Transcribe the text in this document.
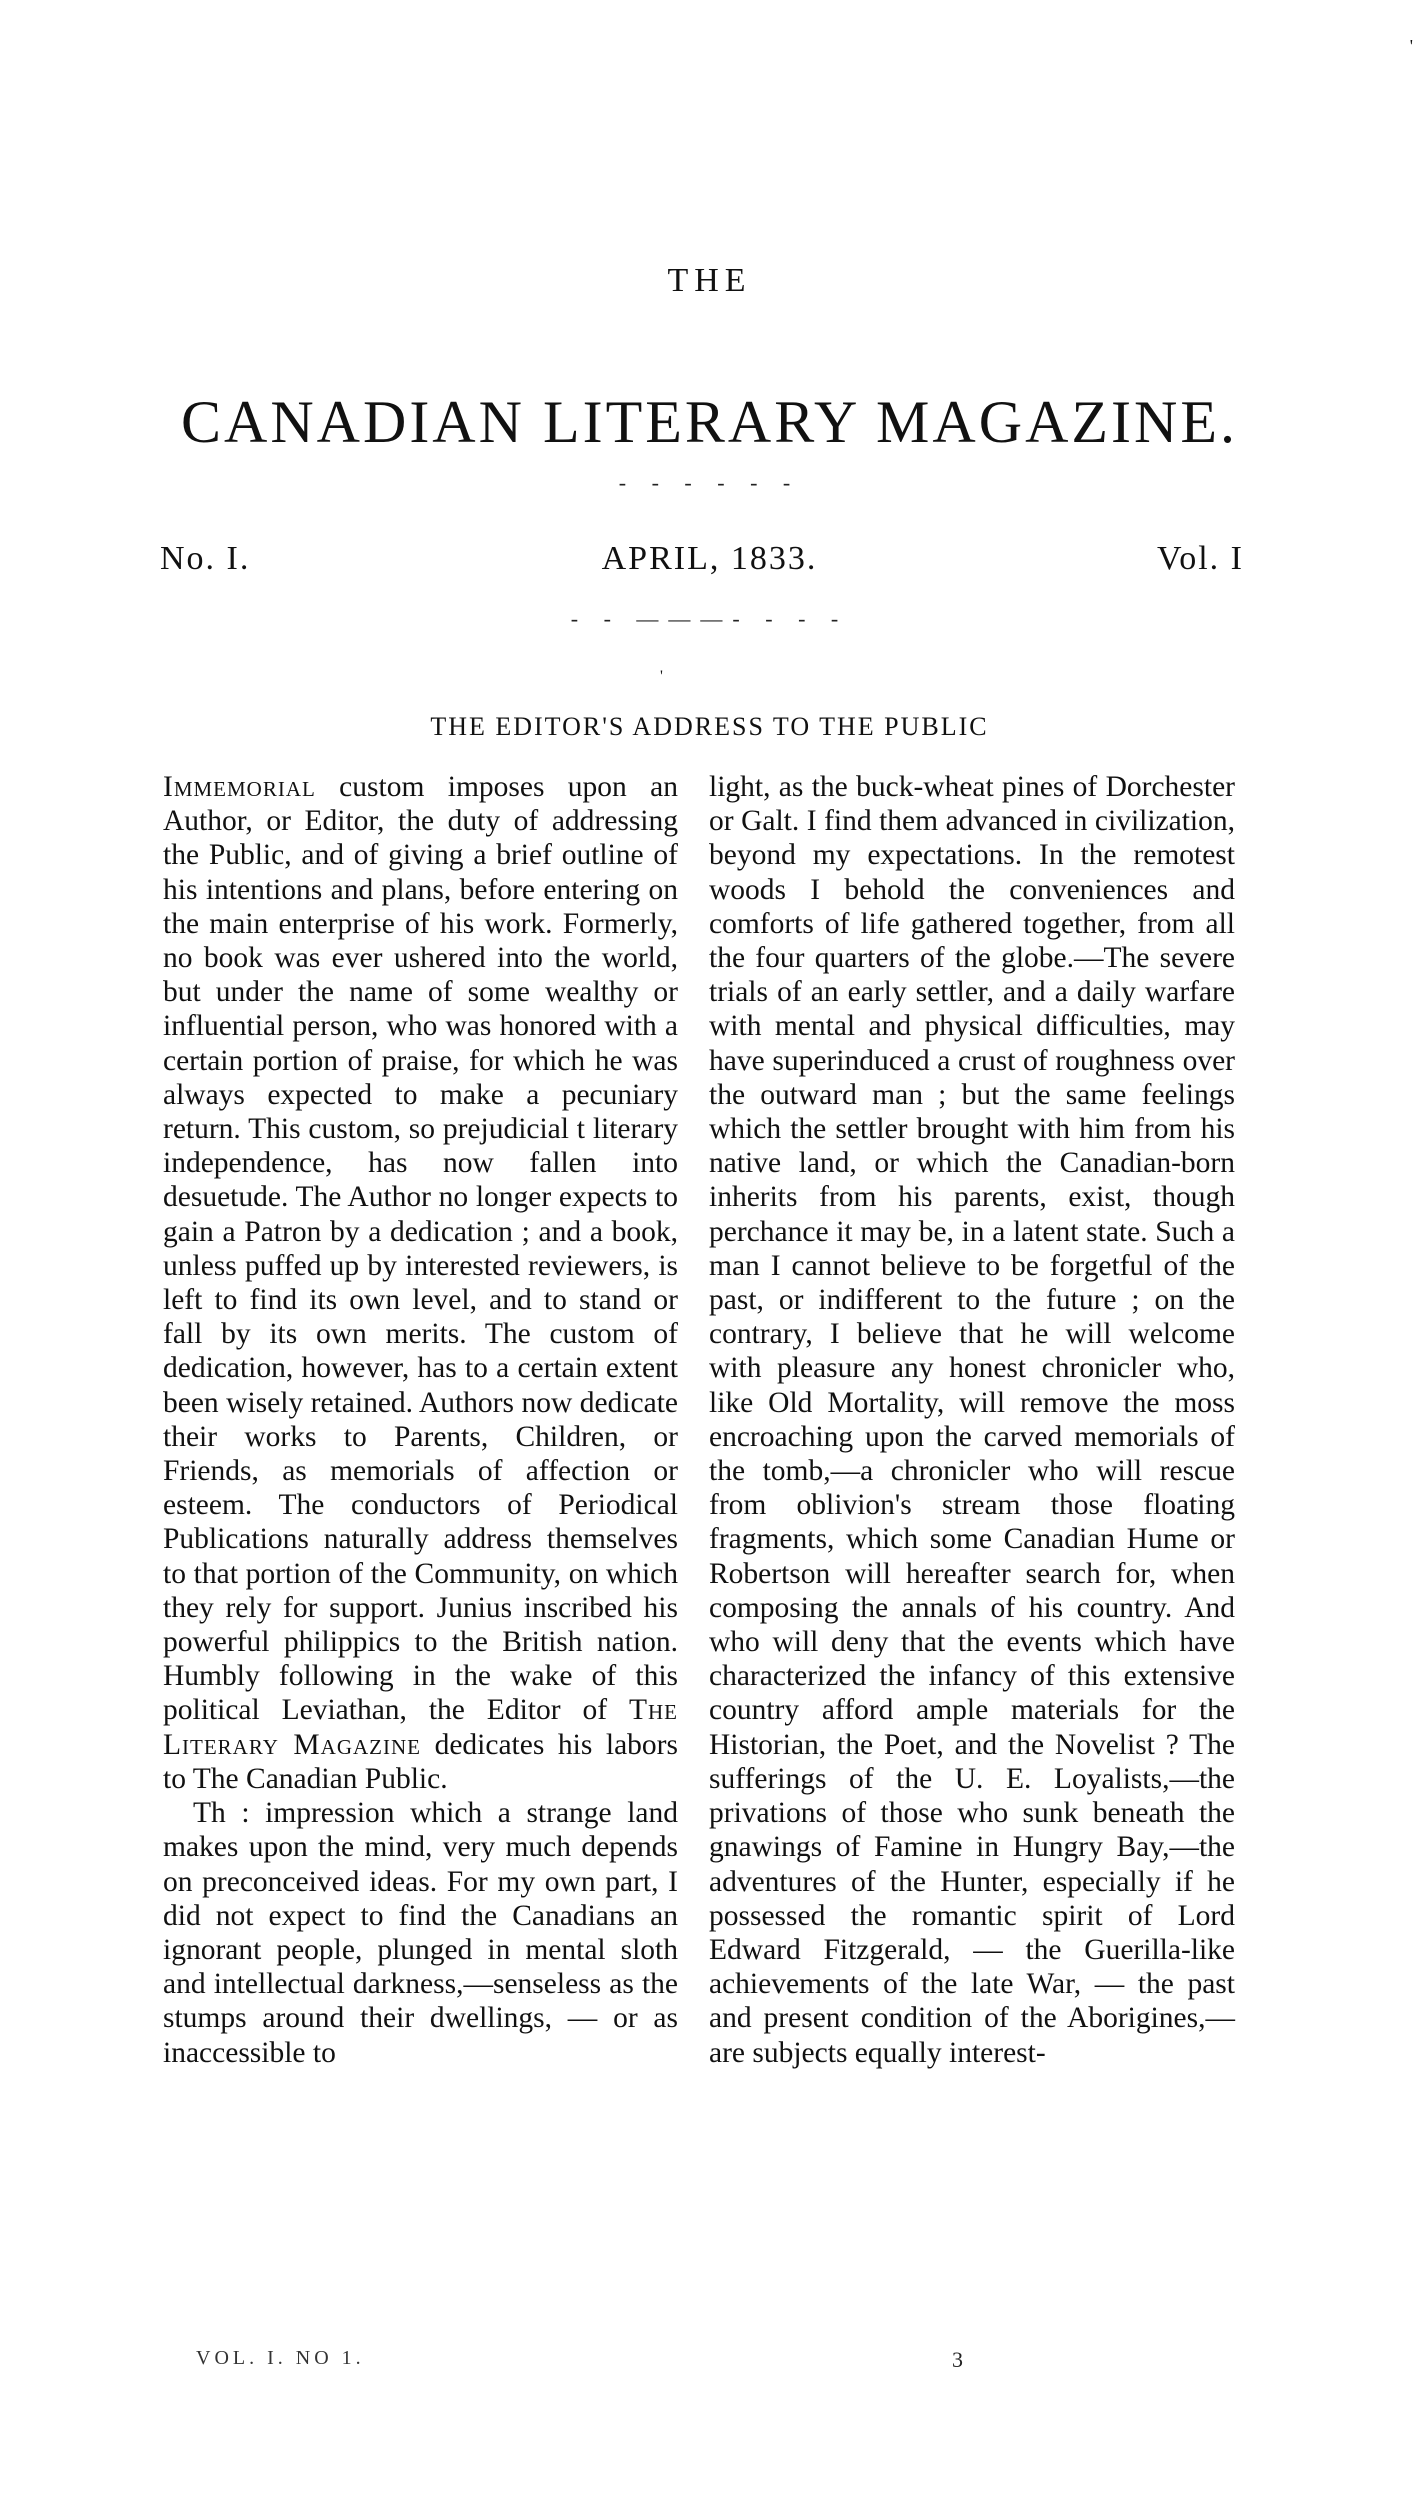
'
THE
CANADIAN LITERARY MAGAZINE.
- - - - - -
APRIL, 1833.
No. I.	Vol. I
- - ———- - - -
'
THE EDITOR'S ADDRESS TO THE PUBLIC

Immemorial custom imposes upon an Author, or Editor, the duty of addressing the Public, and of giving a brief outline of his intentions and plans, before entering on the main enterprise of his work. Formerly, no book was ever ushered into the world, but under the name of some wealthy or influential person, who was honored with a certain portion of praise, for which he was always expected to make a pecuniary return. This custom, so prejudicial t literary independence, has now fallen into desuetude. The Author no longer expects to gain a Patron by a dedication ; and a book, unless puffed up by interested reviewers, is left to find its own level, and to stand or fall by its own merits. The custom of dedication, however, has to a certain extent been wisely retained. Authors now dedicate their works to Parents, Children, or Friends, as memorials of affection or esteem. The conductors of Periodical Publications naturally address themselves to that portion of the Community, on which they rely for support. Junius inscribed his powerful philippics to the British nation. Humbly following in the wake of this political Leviathan, the Editor of The Literary Magazine dedicates his labors to The Canadian Public.

Th : impression which a strange land makes upon the mind, very much depends on preconceived ideas. For my own part, I did not expect to find the Canadians an ignorant people, plunged in mental sloth and intellectual darkness,—senseless as the stumps around their dwellings, — or as inaccessible to

light, as the buck-wheat pines of Dorchester or Galt. I find them advanced in civilization, beyond my expectations. In the remotest woods I behold the conveniences and comforts of life gathered together, from all the four quarters of the globe.—The severe trials of an early settler, and a daily warfare with mental and physical difficulties, may have superinduced a crust of roughness over the outward man ; but the same feelings which the settler brought with him from his native land, or which the Canadian-born inherits from his parents, exist, though perchance it may be, in a latent state. Such a man I cannot believe to be forgetful of the past, or indifferent to the future ; on the contrary, I believe that he will welcome with pleasure any honest chronicler who, like Old Mortality, will remove the moss encroaching upon the carved memorials of the tomb,—a chronicler who will rescue from oblivion's stream those floating fragments, which some Canadian Hume or Robertson will hereafter search for, when composing the annals of his country. And who will deny that the events which have characterized the infancy of this extensive country afford ample materials for the Historian, the Poet, and the Novelist ? The sufferings of the U. E. Loyalists,—the privations of those who sunk beneath the gnawings of Famine in Hungry Bay,—the adventures of the Hunter, especially if he possessed the romantic spirit of Lord Edward Fitzgerald, — the Guerilla-like achievements of the late War, — the past and present condition of the Aborigines,—are subjects equally interest-

VOL. I. NO 1.	3
